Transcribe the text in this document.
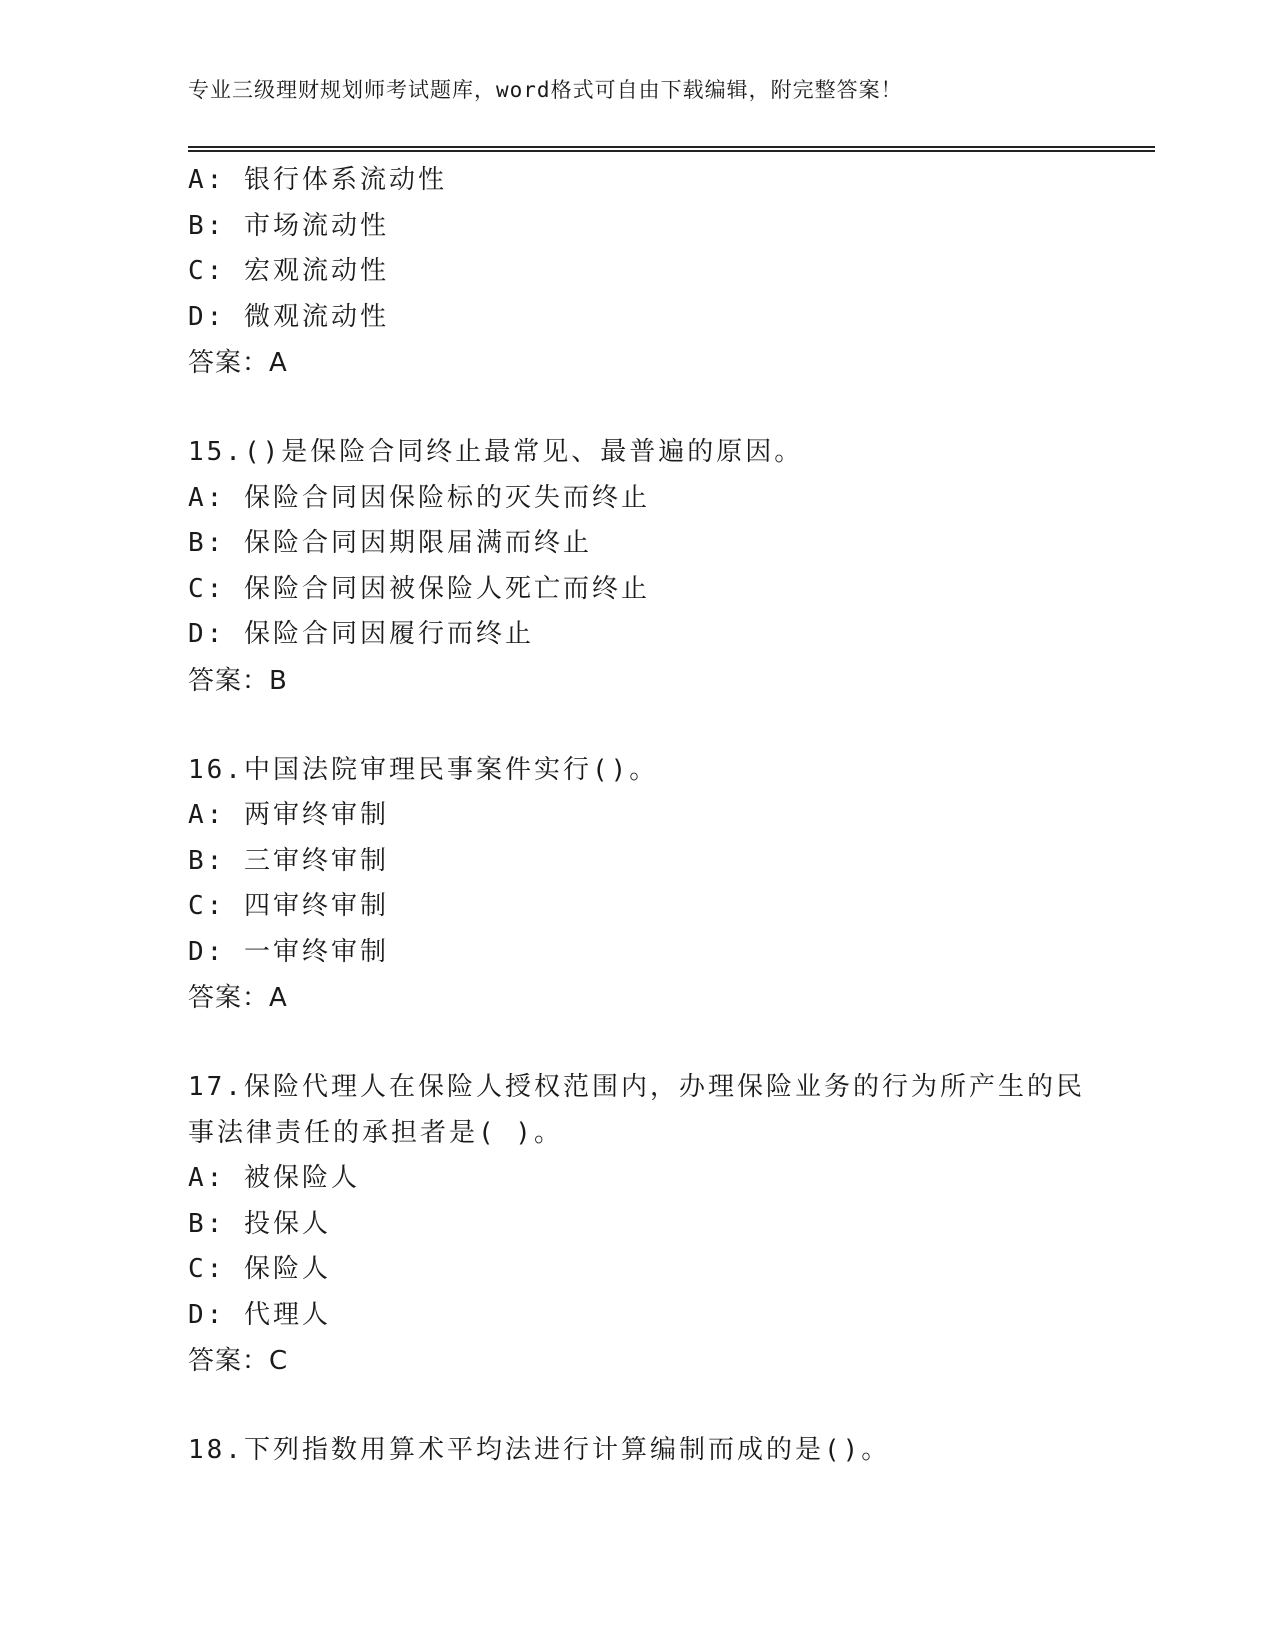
专业三级理财规划师考试题库，word格式可自由下载编辑，附完整答案！
A: 银行体系流动性
B: 市场流动性
C: 宏观流动性
D: 微观流动性
答案：A
15.()是保险合同终止最常见、最普遍的原因。
A: 保险合同因保险标的灭失而终止
B: 保险合同因期限届满而终止
C: 保险合同因被保险人死亡而终止
D: 保险合同因履行而终止
答案：B
16.中国法院审理民事案件实行()。
A: 两审终审制
B: 三审终审制
C: 四审终审制
D: 一审终审制
答案：A
17.保险代理人在保险人授权范围内，办理保险业务的行为所产生的民
事法律责任的承担者是( )。
A: 被保险人
B: 投保人
C: 保险人
D: 代理人
答案：C
18.下列指数用算术平均法进行计算编制而成的是()。
